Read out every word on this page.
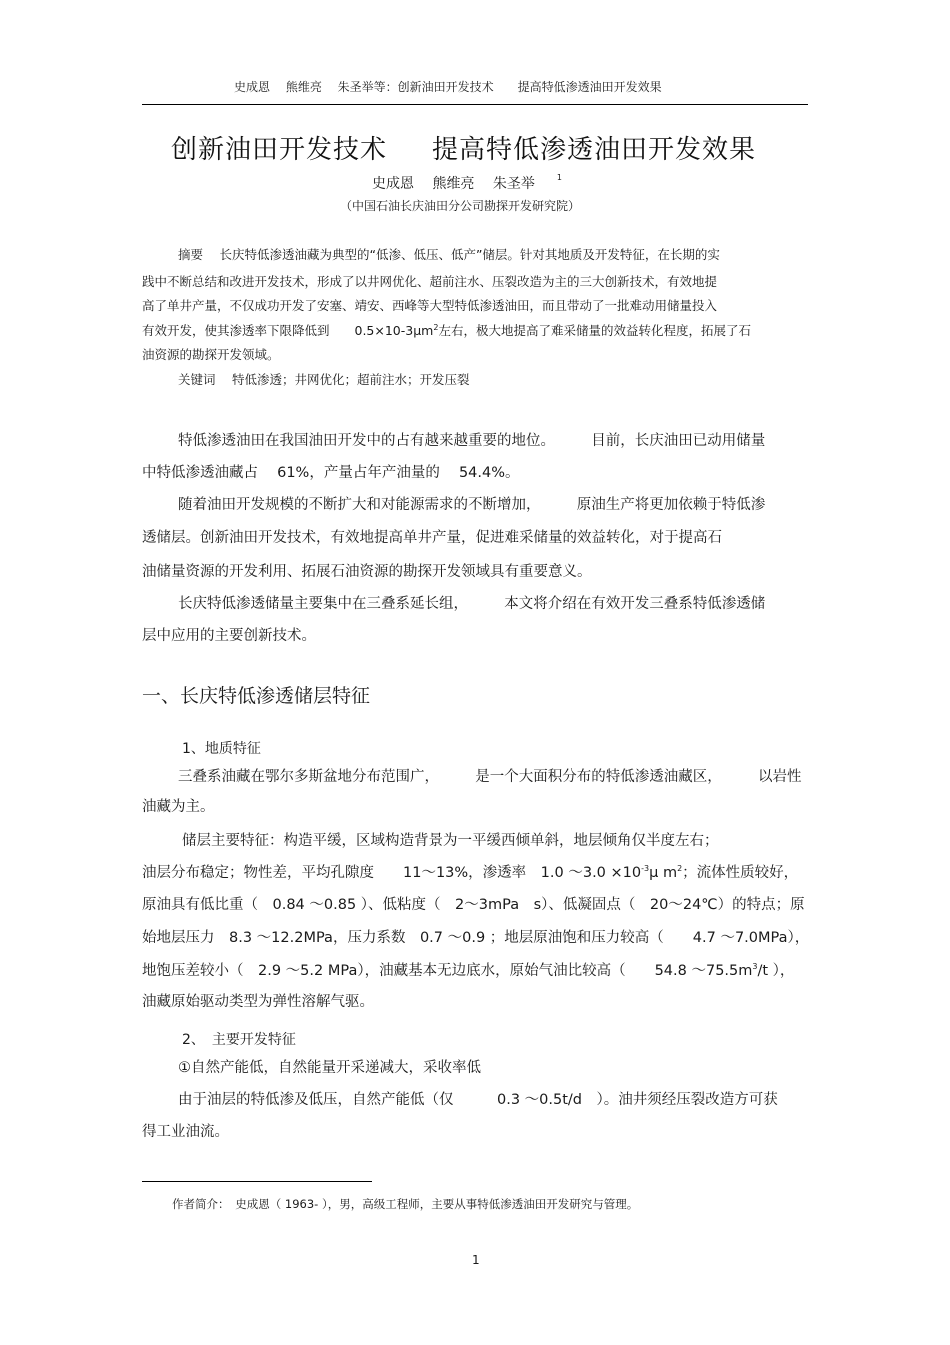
史成恩　 熊维亮　 朱圣举等：创新油田开发技术　　提高特低渗透油田开发效果
创新油田开发技术 提高特低渗透油田开发效果
史成恩　 熊维亮　 朱圣举	$^1$
（中国石油长庆油田分公司勘探开发研究院）
摘要　 长庆特低渗透油藏为典型的“低渗、低压、低产”储层。针对其地质及开发特征，在长期的实
践中不断总结和改进开发技术，形成了以井网优化、超前注水、压裂改造为主的三大创新技术，有效地提
高了单井产量，不仅成功开发了安塞、靖安、西峰等大型特低渗透油田，而且带动了一批难动用储量投入
有效开发，使其渗透率下限降低到　　$0.5\times 10-3\mu m^2$左右，极大地提高了难采储量的效益转化程度，拓展了石
油资源的勘探开发领域。
关键词　 特低渗透；井网优化；超前注水；开发压裂
特低渗透油田在我国油田开发中的占有越来越重要的地位。　　　目前，长庆油田已动用储量
中特低渗透油藏占　 61%，产量占年产油量的　 54.4%。
随着油田开发规模的不断扩大和对能源需求的不断增加，　　　原油生产将更加依赖于特低渗
透储层。创新油田开发技术，有效地提高单井产量，促进难采储量的效益转化，对于提高石
油储量资源的开发利用、拓展石油资源的勘探开发领域具有重要意义。
长庆特低渗透储量主要集中在三叠系延长组，　　　本文将介绍在有效开发三叠系特低渗透储
层中应用的主要创新技术。
一、长庆特低渗透储层特征
1、地质特征
三叠系油藏在鄂尔多斯盆地分布范围广，　　　是一个大面积分布的特低渗透油藏区，　　　以岩性
油藏为主。
储层主要特征：构造平缓，区域构造背景为一平缓西倾单斜，地层倾角仅半度左右；
油层分布稳定；物性差，平均孔隙度　　11～13%，渗透率　1.0 ～3.0 $\times 10^{-3}\mu$ $m^2$；流体性质较好，
原油具有低比重（　0.84 ～0.85 ）、低粘度（　2～3mPa　s）、低凝固点（　20～24℃）的特点；原
始地层压力　8.3 ～12.2MPa，压力系数　0.7 ～0.9 ；地层原油饱和压力较高（　　4.7 ～7.0MPa），
地饱压差较小（　2.9 ～5.2 MPa），油藏基本无边底水，原始气油比较高（　　54.8 $\sim 75.5m^3/t$ ），
油藏原始驱动类型为弹性溶解气驱。
2、　主要开发特征
①自然产能低，自然能量开采递减大，采收率低
由于油层的特低渗及低压，自然产能低（仅　　　0.3 ～0.5t/d　）。油井须经压裂改造方可获
得工业油流。
作者简介：　史成恩（ 1963- ），男，高级工程师，主要从事特低渗透油田开发研究与管理。
1
